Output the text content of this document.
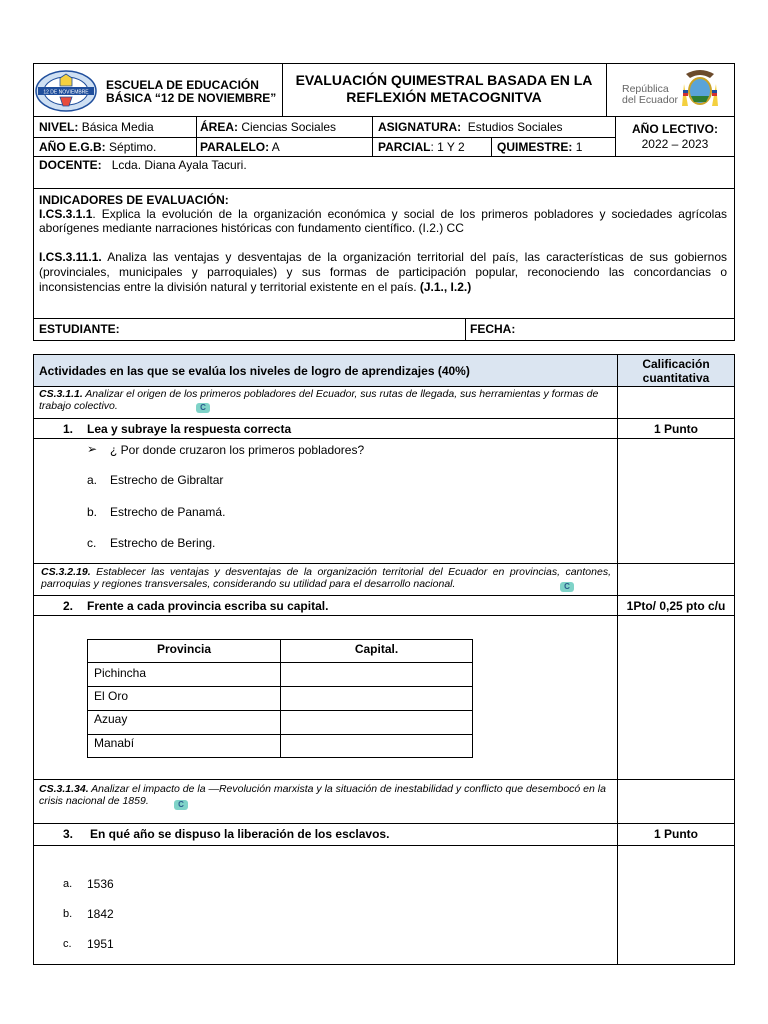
12 DE NOVIEMBRE
ESCUELA DE EDUCACIÓN
BÁSICA “12 DE NOVIEMBRE”
EVALUACIÓN QUIMESTRAL BASADA EN LA
REFLEXIÓN METACOGNITVA	República
del Ecuador
NIVEL: Básica Media	ÁREA: Ciencias Sociales	ASIGNATURA: Estudios Sociales	AÑO LECTIVO:
2022 – 2023
AÑO E.G.B: Séptimo.	PARALELO: A	PARCIAL: 1 Y 2	QUIMESTRE: 1
DOCENTE: Lcda. Diana Ayala Tacuri.
INDICADORES DE EVALUACIÓN:
I.CS.3.1.1. Explica la evolución de la organización económica y social de los primeros pobladores y sociedades agrícolas aborígenes mediante narraciones históricas con fundamento científico. (I.2.) CC
I.CS.3.11.1. Analiza las ventajas y desventajas de la organización territorial del país, las características de sus gobiernos (provinciales, municipales y parroquiales) y sus formas de participación popular, reconociendo las concordancias o inconsistencias entre la división natural y territorial existente en el país. (J.1., I.2.)
ESTUDIANTE:	FECHA:
Actividades en las que se evalúa los niveles de logro de aprendizajes (40%)	Calificación
cuantitativa
CS.3.1.1. Analizar el origen de los primeros pobladores del Ecuador, sus rutas de llegada, sus herramientas y formas de trabajo colectivo.	C
1. Lea y subraye la respuesta correcta	1 Punto
➢ ¿ Por donde cruzaron los primeros pobladores?
a. Estrecho de Gibraltar
b. Estrecho de Panamá.
c. Estrecho de Bering.
CS.3.2.19. Establecer las ventajas y desventajas de la organización territorial del Ecuador en provincias, cantones, parroquias y regiones transversales, considerando su utilidad para el desarrollo nacional.	C
2. Frente a cada provincia escriba su capital.	1Pto/ 0,25 pto c/u
Provincia	Capital.
Pichincha
El Oro
Azuay
Manabí
CS.3.1.34. Analizar el impacto de la ―Revolución marxista y la situación de inestabilidad y conflicto que desembocó en la crisis nacional de 1859.	C
3. En qué año se dispuso la liberación de los esclavos.	1 Punto
a. 1536
b. 1842
c. 1951
